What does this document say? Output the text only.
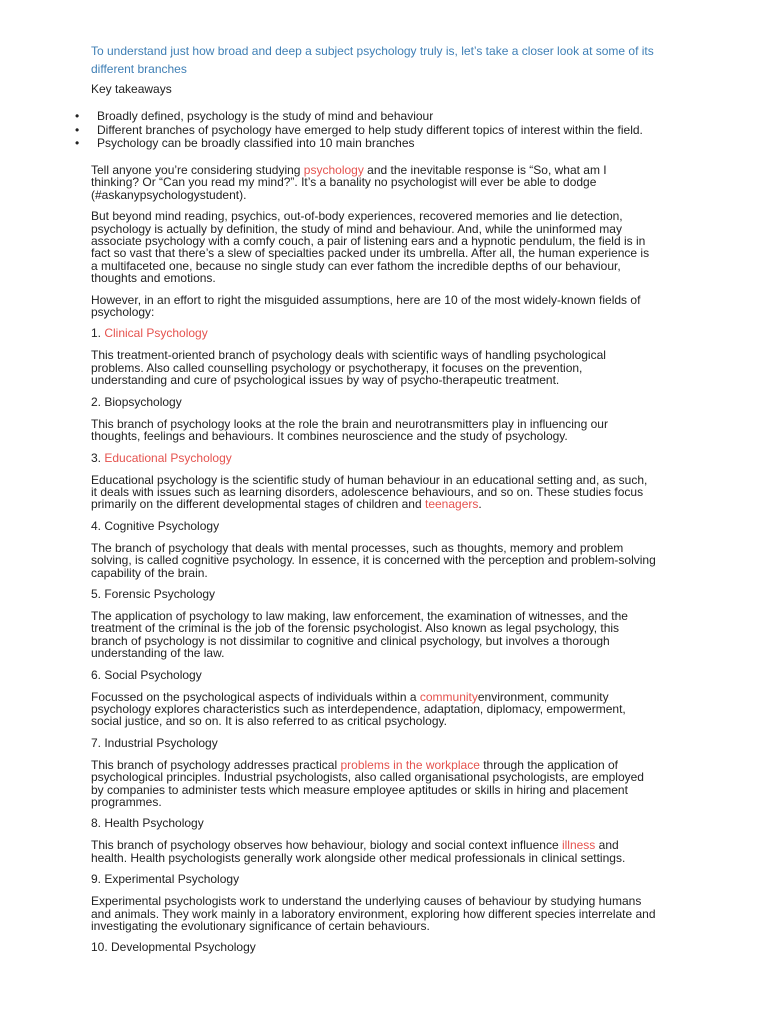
To understand just how broad and deep a subject psychology truly is, let’s take a closer look at some of its different branches

Key takeaways

• Broadly defined, psychology is the study of mind and behaviour
• Different branches of psychology have emerged to help study different topics of interest within the field.
• Psychology can be broadly classified into 10 main branches

Tell anyone you’re considering studying psychology and the inevitable response is “So, what am I thinking? Or “Can you read my mind?”. It’s a banality no psychologist will ever be able to dodge (#askanypsychologystudent).

But beyond mind reading, psychics, out-of-body experiences, recovered memories and lie detection, psychology is actually by definition, the study of mind and behaviour. And, while the uninformed may associate psychology with a comfy couch, a pair of listening ears and a hypnotic pendulum, the field is in fact so vast that there’s a slew of specialties packed under its umbrella. After all, the human experience is a multifaceted one, because no single study can ever fathom the incredible depths of our behaviour, thoughts and emotions.

However, in an effort to right the misguided assumptions, here are 10 of the most widely-known fields of psychology:

1. Clinical Psychology

This treatment-oriented branch of psychology deals with scientific ways of handling psychological problems. Also called counselling psychology or psychotherapy, it focuses on the prevention, understanding and cure of psychological issues by way of psycho-therapeutic treatment.

2. Biopsychology

This branch of psychology looks at the role the brain and neurotransmitters play in influencing our thoughts, feelings and behaviours. It combines neuroscience and the study of psychology.

3. Educational Psychology

Educational psychology is the scientific study of human behaviour in an educational setting and, as such, it deals with issues such as learning disorders, adolescence behaviours, and so on. These studies focus primarily on the different developmental stages of children and teenagers.

4. Cognitive Psychology

The branch of psychology that deals with mental processes, such as thoughts, memory and problem solving, is called cognitive psychology. In essence, it is concerned with the perception and problem-solving capability of the brain.

5. Forensic Psychology

The application of psychology to law making, law enforcement, the examination of witnesses, and the treatment of the criminal is the job of the forensic psychologist. Also known as legal psychology, this branch of psychology is not dissimilar to cognitive and clinical psychology, but involves a thorough understanding of the law.

6. Social Psychology

Focussed on the psychological aspects of individuals within a communityenvironment, community psychology explores characteristics such as interdependence, adaptation, diplomacy, empowerment, social justice, and so on. It is also referred to as critical psychology.

7. Industrial Psychology

This branch of psychology addresses practical problems in the workplace through the application of psychological principles. Industrial psychologists, also called organisational psychologists, are employed by companies to administer tests which measure employee aptitudes or skills in hiring and placement programmes.

8. Health Psychology

This branch of psychology observes how behaviour, biology and social context influence illness and health. Health psychologists generally work alongside other medical professionals in clinical settings.

9. Experimental Psychology

Experimental psychologists work to understand the underlying causes of behaviour by studying humans and animals. They work mainly in a laboratory environment, exploring how different species interrelate and investigating the evolutionary significance of certain behaviours.

10. Developmental Psychology
